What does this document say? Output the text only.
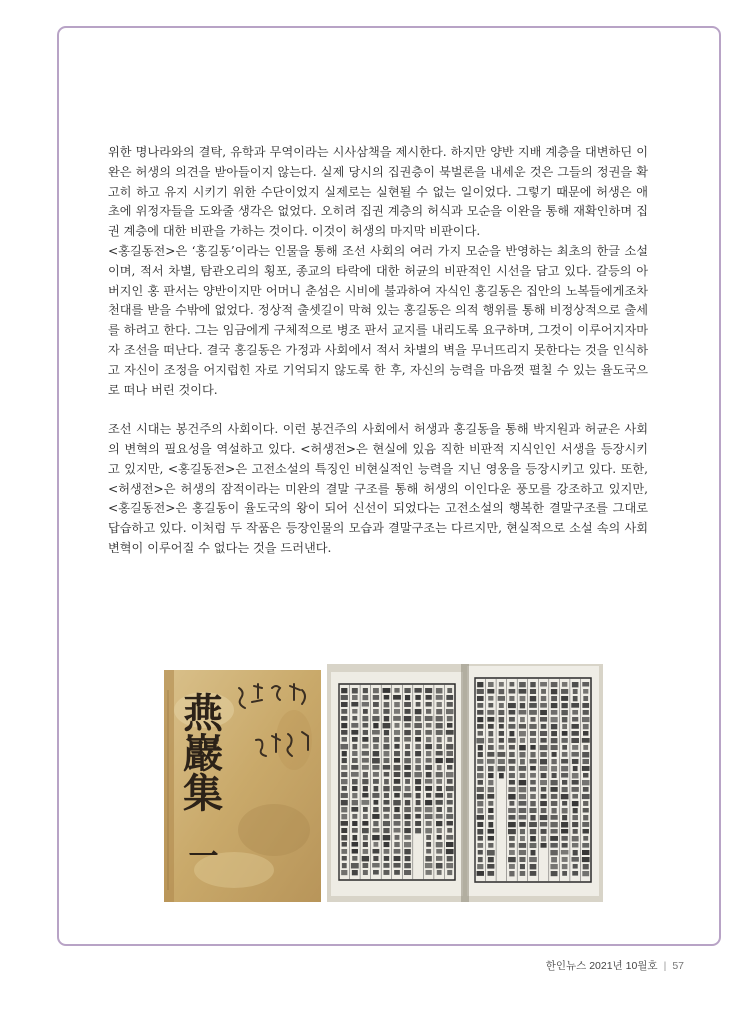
위한 명나라와의 결탁, 유학과 무역이라는 시사삼책을 제시한다. 하지만 양반 지배 계층을 대변하딘 이완은 허생의 의견을 받아들이지 않는다. 실제 당시의 집권층이 북벌론을 내세운 것은 그들의 정권을 확고히 하고 유지 시키기 위한 수단이었지 실제로는 실현될 수 없는 일이었다. 그렇기 때문에 허생은 애초에 위정자들을 도와줄 생각은 없었다. 오히려 집권 계층의 허식과 모순을 이완을 통해 재확인하며 집권 계층에 대한 비판을 가하는 것이다. 이것이 허생의 마지막 비판이다.

<홍길동전>은 ‘홍길동’이라는 인물을 통해 조선 사회의 여러 가지 모순을 반영하는 최초의 한글 소설이며, 적서 차별, 탐관오리의 횡포, 종교의 타락에 대한 허균의 비판적인 시선을 담고 있다. 갈등의 아버지인 홍 판서는 양반이지만 어머니 춘섬은 시비에 불과하여 자식인 홍길동은 집안의 노복들에게조차 천대를 받을 수밖에 없었다. 정상적 출셋길이 막혀 있는 홍길동은 의적 행위를 통해 비정상적으로 출세를 하려고 한다. 그는 임금에게 구체적으로 병조 판서 교지를 내리도록 요구하며, 그것이 이루어지자마자 조선을 떠난다. 결국 홍길동은 가정과 사회에서 적서 차별의 벽을 무너뜨리지 못한다는 것을 인식하고 자신이 조정을 어지럽힌 자로 기억되지 않도록 한 후, 자신의 능력을 마음껏 펼칠 수 있는 율도국으로 떠나 버린 것이다.

조선 시대는 봉건주의 사회이다. 이런 봉건주의 사회에서 허생과 홍길동을 통해 박지원과 허균은 사회의 변혁의 필요성을 역설하고 있다. <허생전>은 현실에 있음 직한 비판적 지식인인 서생을 등장시키고 있지만, <홍길동전>은 고전소설의 특징인 비현실적인 능력을 지닌 영웅을 등장시키고 있다. 또한, <허생전>은 허생의 잠적이라는 미완의 결말 구조를 통해 허생의 이인다운 풍모를 강조하고 있지만, <홍길동전>은 홍길동이 율도국의 왕이 되어 신선이 되었다는 고전소설의 행복한 결말구조를 그대로 답습하고 있다. 이처럼 두 작품은 등장인물의 모습과 결말구조는 다르지만, 현실적으로 소설 속의 사회 변혁이 이루어질 수 없다는 것을 드러낸다.

燕巖集
一
한인뉴스 2021년 10월호 | 57
